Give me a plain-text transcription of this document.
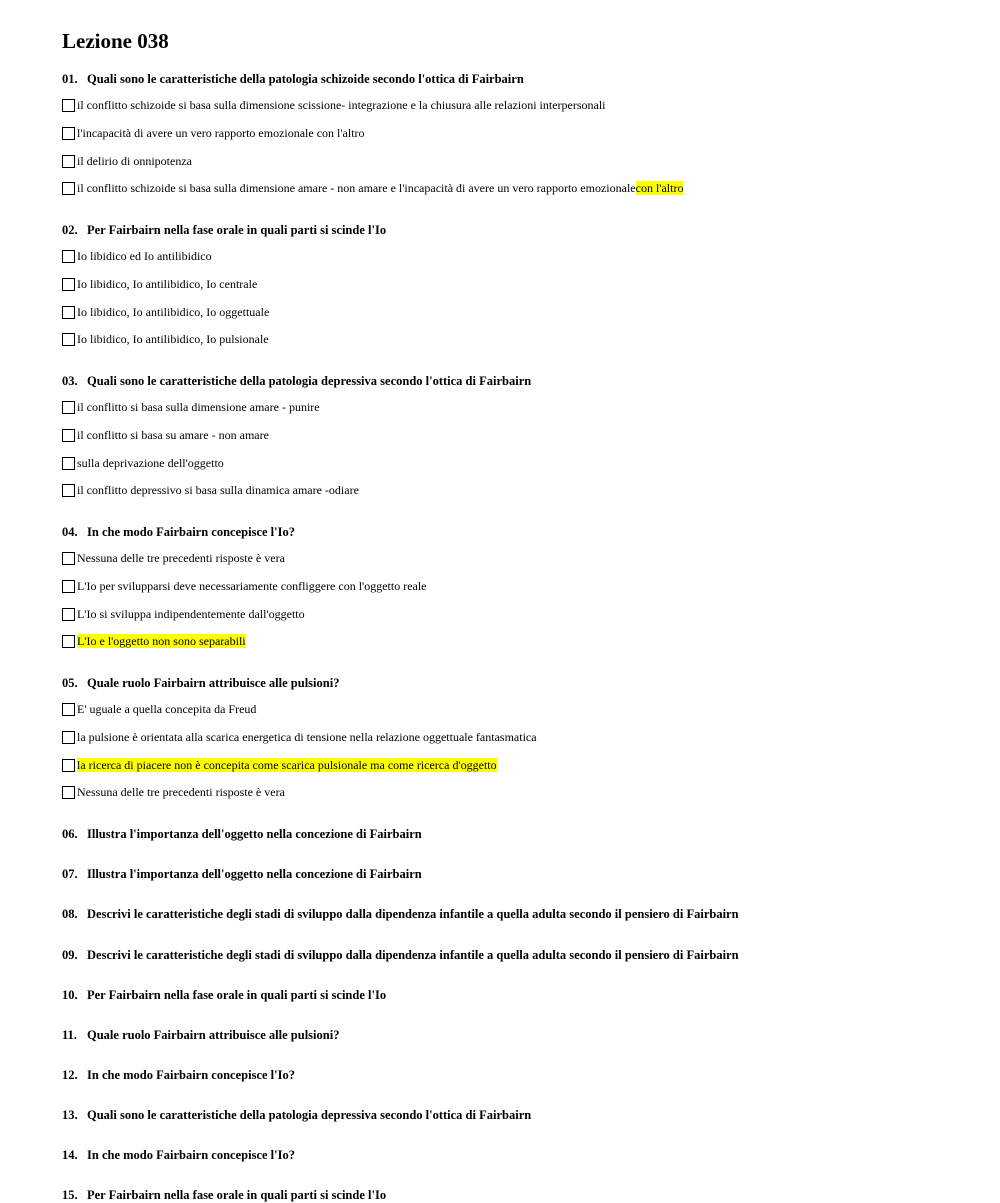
Lezione 038
01. Quali sono le caratteristiche della patologia schizoide secondo l'ottica di Fairbairn
il conflitto schizoide si basa sulla dimensione scissione- integrazione e la chiusura alle relazioni interpersonali
l'incapacità di avere un vero rapporto emozionale con l'altro
il delirio di onnipotenza
il conflitto schizoide si basa sulla dimensione amare - non amare e l'incapacità di avere un vero rapporto emozionalecon l'altro
02. Per Fairbairn nella fase orale in quali parti si scinde l'Io
Io libidico ed Io antilibidico
Io libidico, Io antilibidico, Io centrale
Io libidico, Io antilibidico, Io oggettuale
Io libidico, Io antilibidico, Io pulsionale
03. Quali sono le caratteristiche della patologia depressiva secondo l'ottica di Fairbairn
il conflitto si basa sulla dimensione amare - punire
il conflitto si basa su amare - non amare
sulla deprivazione dell'oggetto
il conflitto depressivo si basa sulla dinamica amare -odiare
04. In che modo Fairbairn concepisce l'Io?
Nessuna delle tre precedenti risposte è vera
L'Io per svilupparsi deve necessariamente confliggere con l'oggetto reale
L'Io si sviluppa indipendentemente dall'oggetto
L'Io e l'oggetto non sono separabili
05. Quale ruolo Fairbairn attribuisce alle pulsioni?
E' uguale a quella concepita da Freud
la pulsione è orientata alla scarica energetica di tensione nella relazione oggettuale fantasmatica
la ricerca di piacere non è concepita come scarica pulsionale ma come ricerca d'oggetto
Nessuna delle tre precedenti risposte è vera
06. Illustra l'importanza dell'oggetto nella concezione di Fairbairn
07. Illustra l'importanza dell'oggetto nella concezione di Fairbairn
08. Descrivi le caratteristiche degli stadi di sviluppo dalla dipendenza infantile a quella adulta secondo il pensiero di Fairbairn
09. Descrivi le caratteristiche degli stadi di sviluppo dalla dipendenza infantile a quella adulta secondo il pensiero di Fairbairn
10. Per Fairbairn nella fase orale in quali parti si scinde l'Io
11. Quale ruolo Fairbairn attribuisce alle pulsioni?
12. In che modo Fairbairn concepisce l'Io?
13. Quali sono le caratteristiche della patologia depressiva secondo l'ottica di Fairbairn
14. In che modo Fairbairn concepisce l'Io?
15. Per Fairbairn nella fase orale in quali parti si scinde l'Io
